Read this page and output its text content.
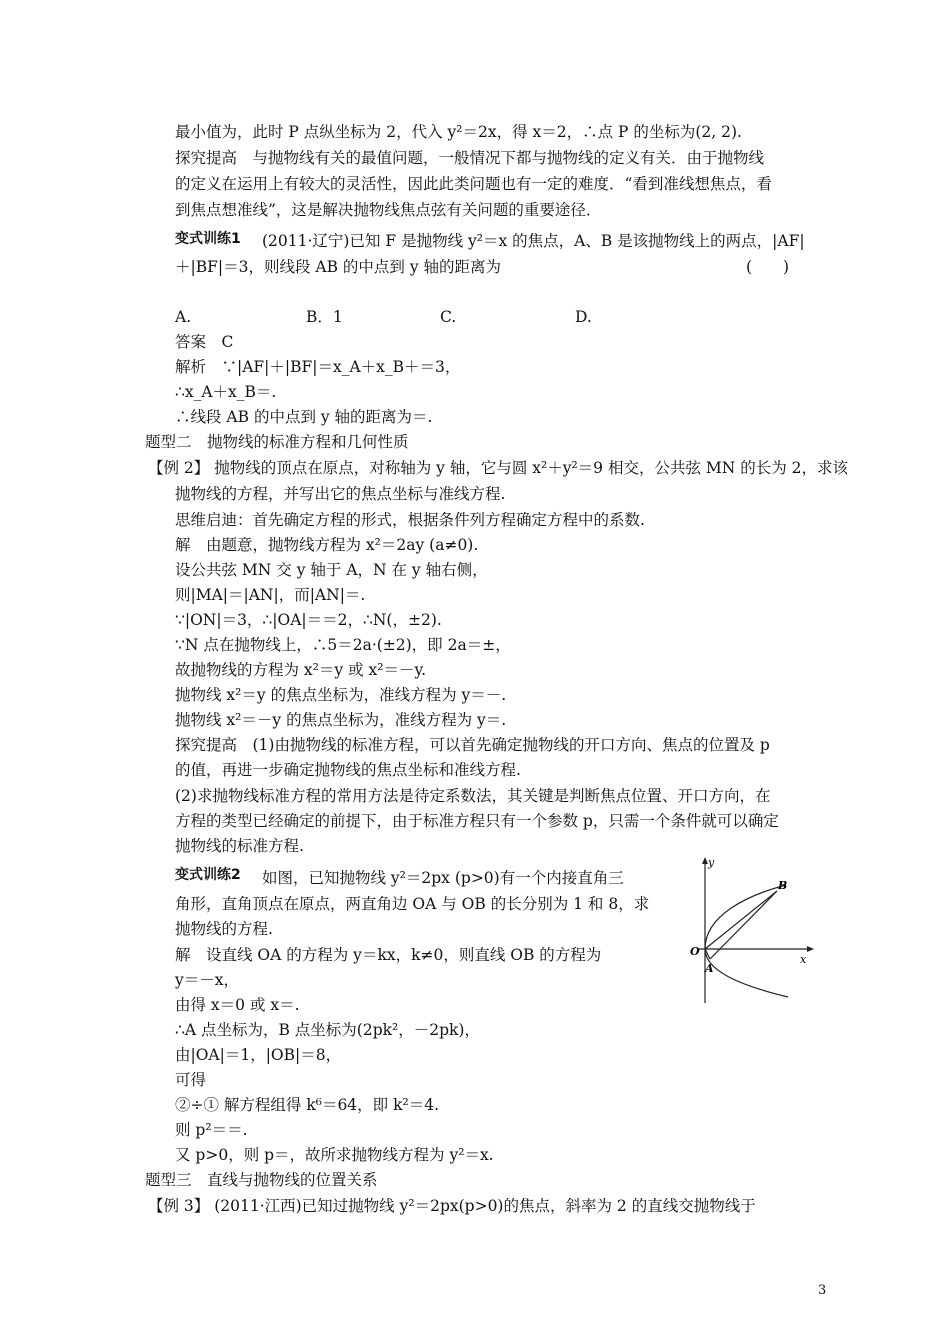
最小值为，此时 P 点纵坐标为 2，代入 y²＝2x，得 x＝2，∴点 P 的坐标为(2, 2).
探究提高　与抛物线有关的最值问题，一般情况下都与抛物线的定义有关．由于抛物线
的定义在运用上有较大的灵活性，因此此类问题也有一定的难度．“看到准线想焦点，看
到焦点想准线”，这是解决抛物线焦点弦有关问题的重要途径．
(2011·辽宁)已知 F 是抛物线 y²＝x 的焦点，A、B 是该抛物线上的两点，|AF|
＋|BF|＝3，则线段 AB 的中点到 y 轴的距离为
答案　C
解析　∵|AF|＋|BF|＝x_A＋x_B＋＝3，
∴x_A＋x_B＝.
∴线段 AB 的中点到 y 轴的距离为＝.
题型二　抛物线的标准方程和几何性质
【例 2】 抛物线的顶点在原点，对称轴为 y 轴，它与圆 x²＋y²＝9 相交，公共弦 MN 的长为 2，求该
抛物线的方程，并写出它的焦点坐标与准线方程.
思维启迪：首先确定方程的形式，根据条件列方程确定方程中的系数.
解　由题意，抛物线方程为 x²＝2ay (a≠0).
设公共弦 MN 交 y 轴于 A，N 在 y 轴右侧，
则|MA|＝|AN|，而|AN|＝.
∵|ON|＝3，∴|OA|＝＝2，∴N(，±2).
∵N 点在抛物线上，∴5＝2a·(±2)，即 2a＝±，
故抛物线的方程为 x²＝y 或 x²＝－y.
抛物线 x²＝y 的焦点坐标为，准线方程为 y＝－.
抛物线 x²＝－y 的焦点坐标为，准线方程为 y＝.
探究提高　(1)由抛物线的标准方程，可以首先确定抛物线的开口方向、焦点的位置及 p
的值，再进一步确定抛物线的焦点坐标和准线方程.
(2)求抛物线标准方程的常用方法是待定系数法，其关键是判断焦点位置、开口方向，在
方程的类型已经确定的前提下，由于标准方程只有一个参数 p，只需一个条件就可以确定
抛物线的标准方程.
如图，已知抛物线 y²＝2px (p>0)有一个内接直角三
角形，直角顶点在原点，两直角边 OA 与 OB 的长分别为 1 和 8，求
抛物线的方程.
解　设直线 OA 的方程为 y＝kx，k≠0，则直线 OB 的方程为
y＝－x，
由得 x＝0 或 x＝.
∴A 点坐标为，B 点坐标为(2pk²，－2pk)，
由|OA|＝1，|OB|＝8，
可得
②÷① 解方程组得 k⁶＝64，即 k²＝4.
则 p²＝＝.
又 p>0，则 p＝，故所求抛物线方程为 y²＝x.
题型三　直线与抛物线的位置关系
【例 3】 (2011·江西)已知过抛物线 y²＝2px(p>0)的焦点，斜率为 2 的直线交抛物线于
变式训练1
(　　)
A.	B．1	C.	D.
变式训练2
y
x
O
A
B
3
